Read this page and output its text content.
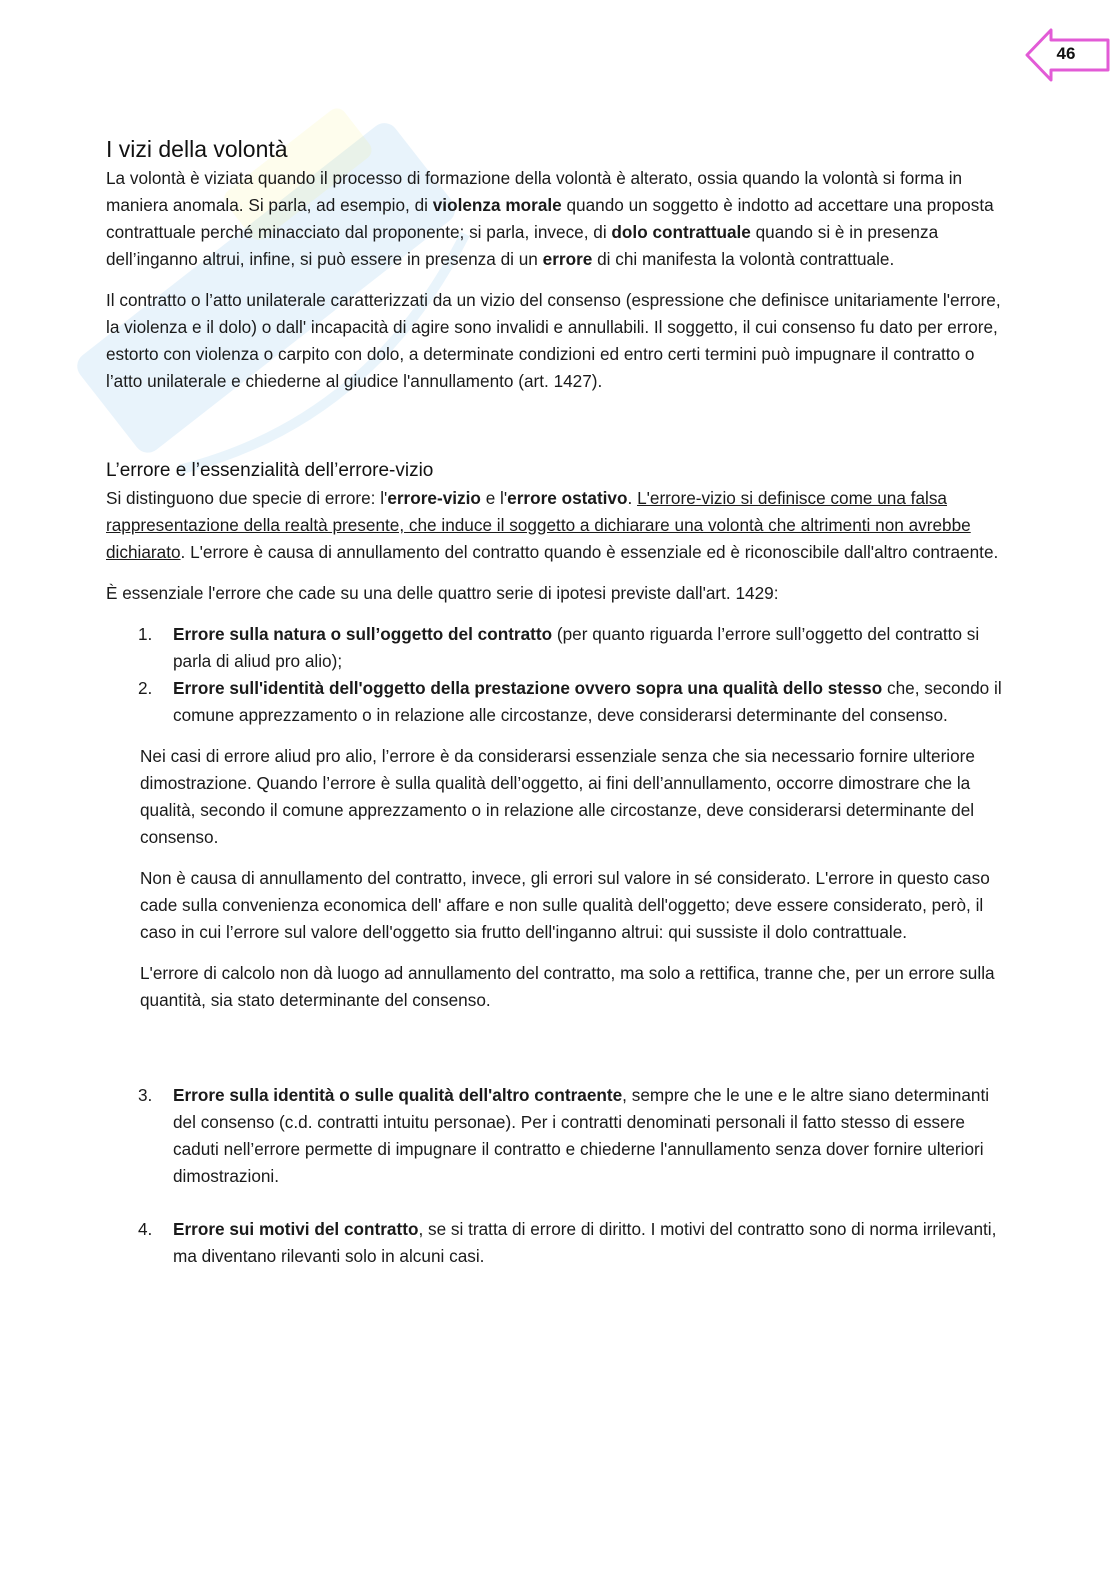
46
I vizi della volontà

La volontà è viziata quando il processo di formazione della volontà è alterato, ossia quando la volontà si forma in maniera anomala. Si parla, ad esempio, di violenza morale quando un soggetto è indotto ad accettare una proposta contrattuale perché minacciato dal proponente; si parla, invece, di dolo contrattuale quando si è in presenza dell’inganno altrui, infine, si può essere in presenza di un errore di chi manifesta la volontà contrattuale.

Il contratto o l’atto unilaterale caratterizzati da un vizio del consenso (espressione che definisce unitariamente l'errore, la violenza e il dolo) o dall' incapacità di agire sono invalidi e annullabili. Il soggetto, il cui consenso fu dato per errore, estorto con violenza o carpito con dolo, a determinate condizioni ed entro certi termini può impugnare il contratto o l’atto unilaterale e chiederne al giudice l'annullamento (art. 1427).

L’errore e l’essenzialità dell’errore-vizio

Si distinguono due specie di errore: l'errore-vizio e l'errore ostativo. L'errore-vizio si definisce come una falsa rappresentazione della realtà presente, che induce il soggetto a dichiarare una volontà che altrimenti non avrebbe dichiarato. L'errore è causa di annullamento del contratto quando è essenziale ed è riconoscibile dall'altro contraente.

È essenziale l'errore che cade su una delle quattro serie di ipotesi previste dall'art. 1429:

1. Errore sulla natura o sull’oggetto del contratto (per quanto riguarda l’errore sull’oggetto del contratto si parla di aliud pro alio);
2. Errore sull'identità dell'oggetto della prestazione ovvero sopra una qualità dello stesso che, secondo il comune apprezzamento o in relazione alle circostanze, deve considerarsi determinante del consenso.

Nei casi di errore aliud pro alio, l’errore è da considerarsi essenziale senza che sia necessario fornire ulteriore dimostrazione. Quando l’errore è sulla qualità dell’oggetto, ai fini dell’annullamento, occorre dimostrare che la qualità, secondo il comune apprezzamento o in relazione alle circostanze, deve considerarsi determinante del consenso.

Non è causa di annullamento del contratto, invece, gli errori sul valore in sé considerato. L'errore in questo caso cade sulla convenienza economica dell' affare e non sulle qualità dell'oggetto; deve essere considerato, però, il caso in cui l’errore sul valore dell'oggetto sia frutto dell'inganno altrui: qui sussiste il dolo contrattuale.

L'errore di calcolo non dà luogo ad annullamento del contratto, ma solo a rettifica, tranne che, per un errore sulla quantità, sia stato determinante del consenso.

3. Errore sulla identità o sulle qualità dell'altro contraente, sempre che le une e le altre siano determinanti del consenso (c.d. contratti intuitu personae). Per i contratti denominati personali il fatto stesso di essere caduti nell’errore permette di impugnare il contratto e chiederne l'annullamento senza dover fornire ulteriori dimostrazioni.
4. Errore sui motivi del contratto, se si tratta di errore di diritto. I motivi del contratto sono di norma irrilevanti, ma diventano rilevanti solo in alcuni casi.
